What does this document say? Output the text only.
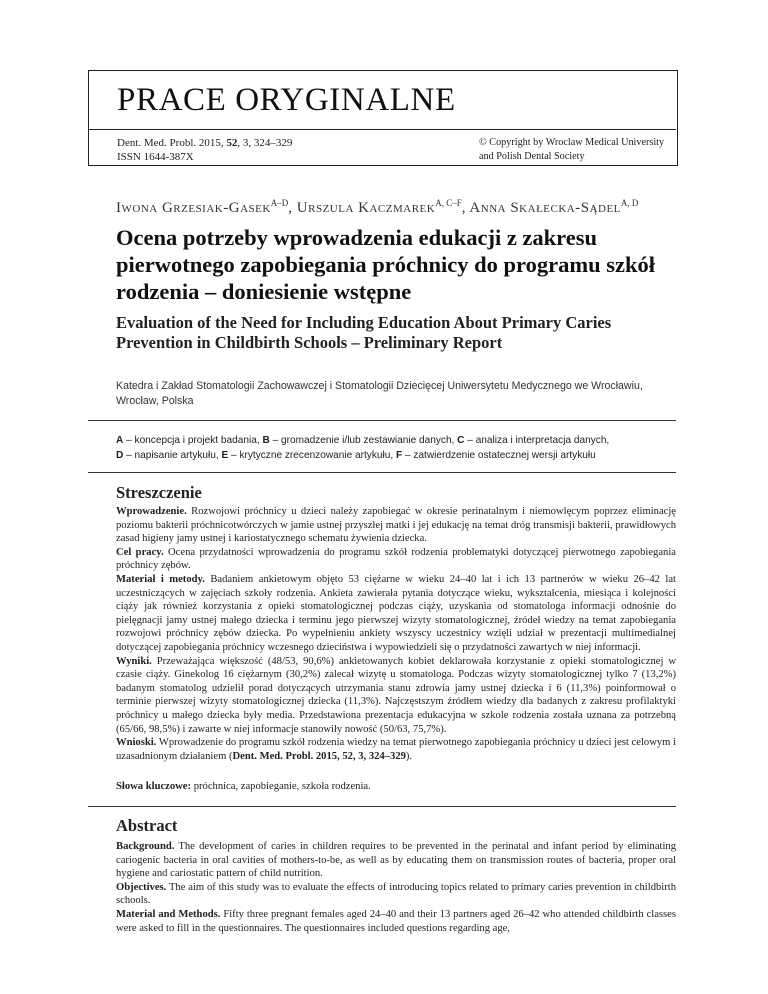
PRACE ORYGINALNE
Dent. Med. Probl. 2015, 52, 3, 324–329
ISSN 1644-387X
© Copyright by Wroclaw Medical University
and Polish Dental Society
Iwona Grzesiak-Gasek$^{A-D}$, Urszula Kaczmarek$^{A, C-F}$, Anna Skałecka-Sądel$^{A, D}$
Ocena potrzeby wprowadzenia edukacji z zakresu pierwotnego zapobiegania próchnicy do programu szkół rodzenia – doniesienie wstępne
Evaluation of the Need for Including Education About Primary Caries Prevention in Childbirth Schools – Preliminary Report
Katedra i Zakład Stomatologii Zachowawczej i Stomatologii Dziecięcej Uniwersytetu Medycznego we Wrocławiu, Wrocław, Polska
A – koncepcja i projekt badania, B – gromadzenie i/lub zestawianie danych, C – analiza i interpretacja danych,
D – napisanie artykułu, E – krytyczne zrecenzowanie artykułu, F – zatwierdzenie ostatecznej wersji artykułu
Streszczenie

Wprowadzenie. Rozwojowi próchnicy u dzieci należy zapobiegać w okresie perinatalnym i niemowlęcym poprzez eliminację poziomu bakterii próchnicotwórczych w jamie ustnej przyszłej matki i jej edukację na temat dróg transmisji bakterii, prawidłowych zasad higieny jamy ustnej i kariostatycznego schematu żywienia dziecka.

Cel pracy. Ocena przydatności wprowadzenia do programu szkół rodzenia problematyki dotyczącej pierwotnego zapobiegania próchnicy zębów.

Materiał i metody. Badaniem ankietowym objęto 53 ciężarne w wieku 24–40 lat i ich 13 partnerów w wieku 26–42 lat uczestniczących w zajęciach szkoły rodzenia. Ankieta zawierała pytania dotyczące wieku, wykształcenia, miesiąca i kolejności ciąży jak również korzystania z opieki stomatologicznej podczas ciąży, uzyskania od stomatologa informacji odnośnie do pielęgnacji jamy ustnej małego dziecka i terminu jego pierwszej wizyty stomatologicznej, źródeł wiedzy na temat zapobiegania rozwojowi próchnicy zębów dziecka. Po wypełnieniu ankiety wszyscy uczestnicy wzięli udział w prezentacji multimedialnej dotyczącej zapobiegania próchnicy wczesnego dzieciństwa i wypowiedzieli się o przydatności zawartych w niej informacji.

Wyniki. Przeważająca większość (48/53, 90,6%) ankietowanych kobiet deklarowała korzystanie z opieki stomatologicznej w czasie ciąży. Ginekolog 16 ciężarnym (30,2%) zalecał wizytę u stomatologa. Podczas wizyty stomatologicznej tylko 7 (13,2%) badanym stomatolog udzielił porad dotyczących utrzymania stanu zdrowia jamy ustnej dziecka i 6 (11,3%) poinformował o terminie pierwszej wizyty stomatologicznej dziecka (11,3%). Najczęstszym źródłem wiedzy dla badanych z zakresu profilaktyki próchnicy u małego dziecka były media. Przedstawiona prezentacja edukacyjna w szkole rodzenia została uznana za potrzebną (65/66, 98,5%) i zawarte w niej informacje stanowiły nowość (50/63, 75,7%).

Wnioski. Wprowadzenie do programu szkół rodzenia wiedzy na temat pierwotnego zapobiegania próchnicy u dzieci jest celowym i uzasadnionym działaniem (Dent. Med. Probl. 2015, 52, 3, 324–329).

Słowa kluczowe: próchnica, zapobieganie, szkoła rodzenia.
Abstract

Background. The development of caries in children requires to be prevented in the perinatal and infant period by eliminating cariogenic bacteria in oral cavities of mothers-to-be, as well as by educating them on transmission routes of bacteria, proper oral hygiene and cariostatic pattern of child nutrition.

Objectives. The aim of this study was to evaluate the effects of introducing topics related to primary caries prevention in childbirth schools.

Material and Methods. Fifty three pregnant females aged 24–40 and their 13 partners aged 26–42 who attended childbirth classes were asked to fill in the questionnaires. The questionnaires included questions regarding age,
